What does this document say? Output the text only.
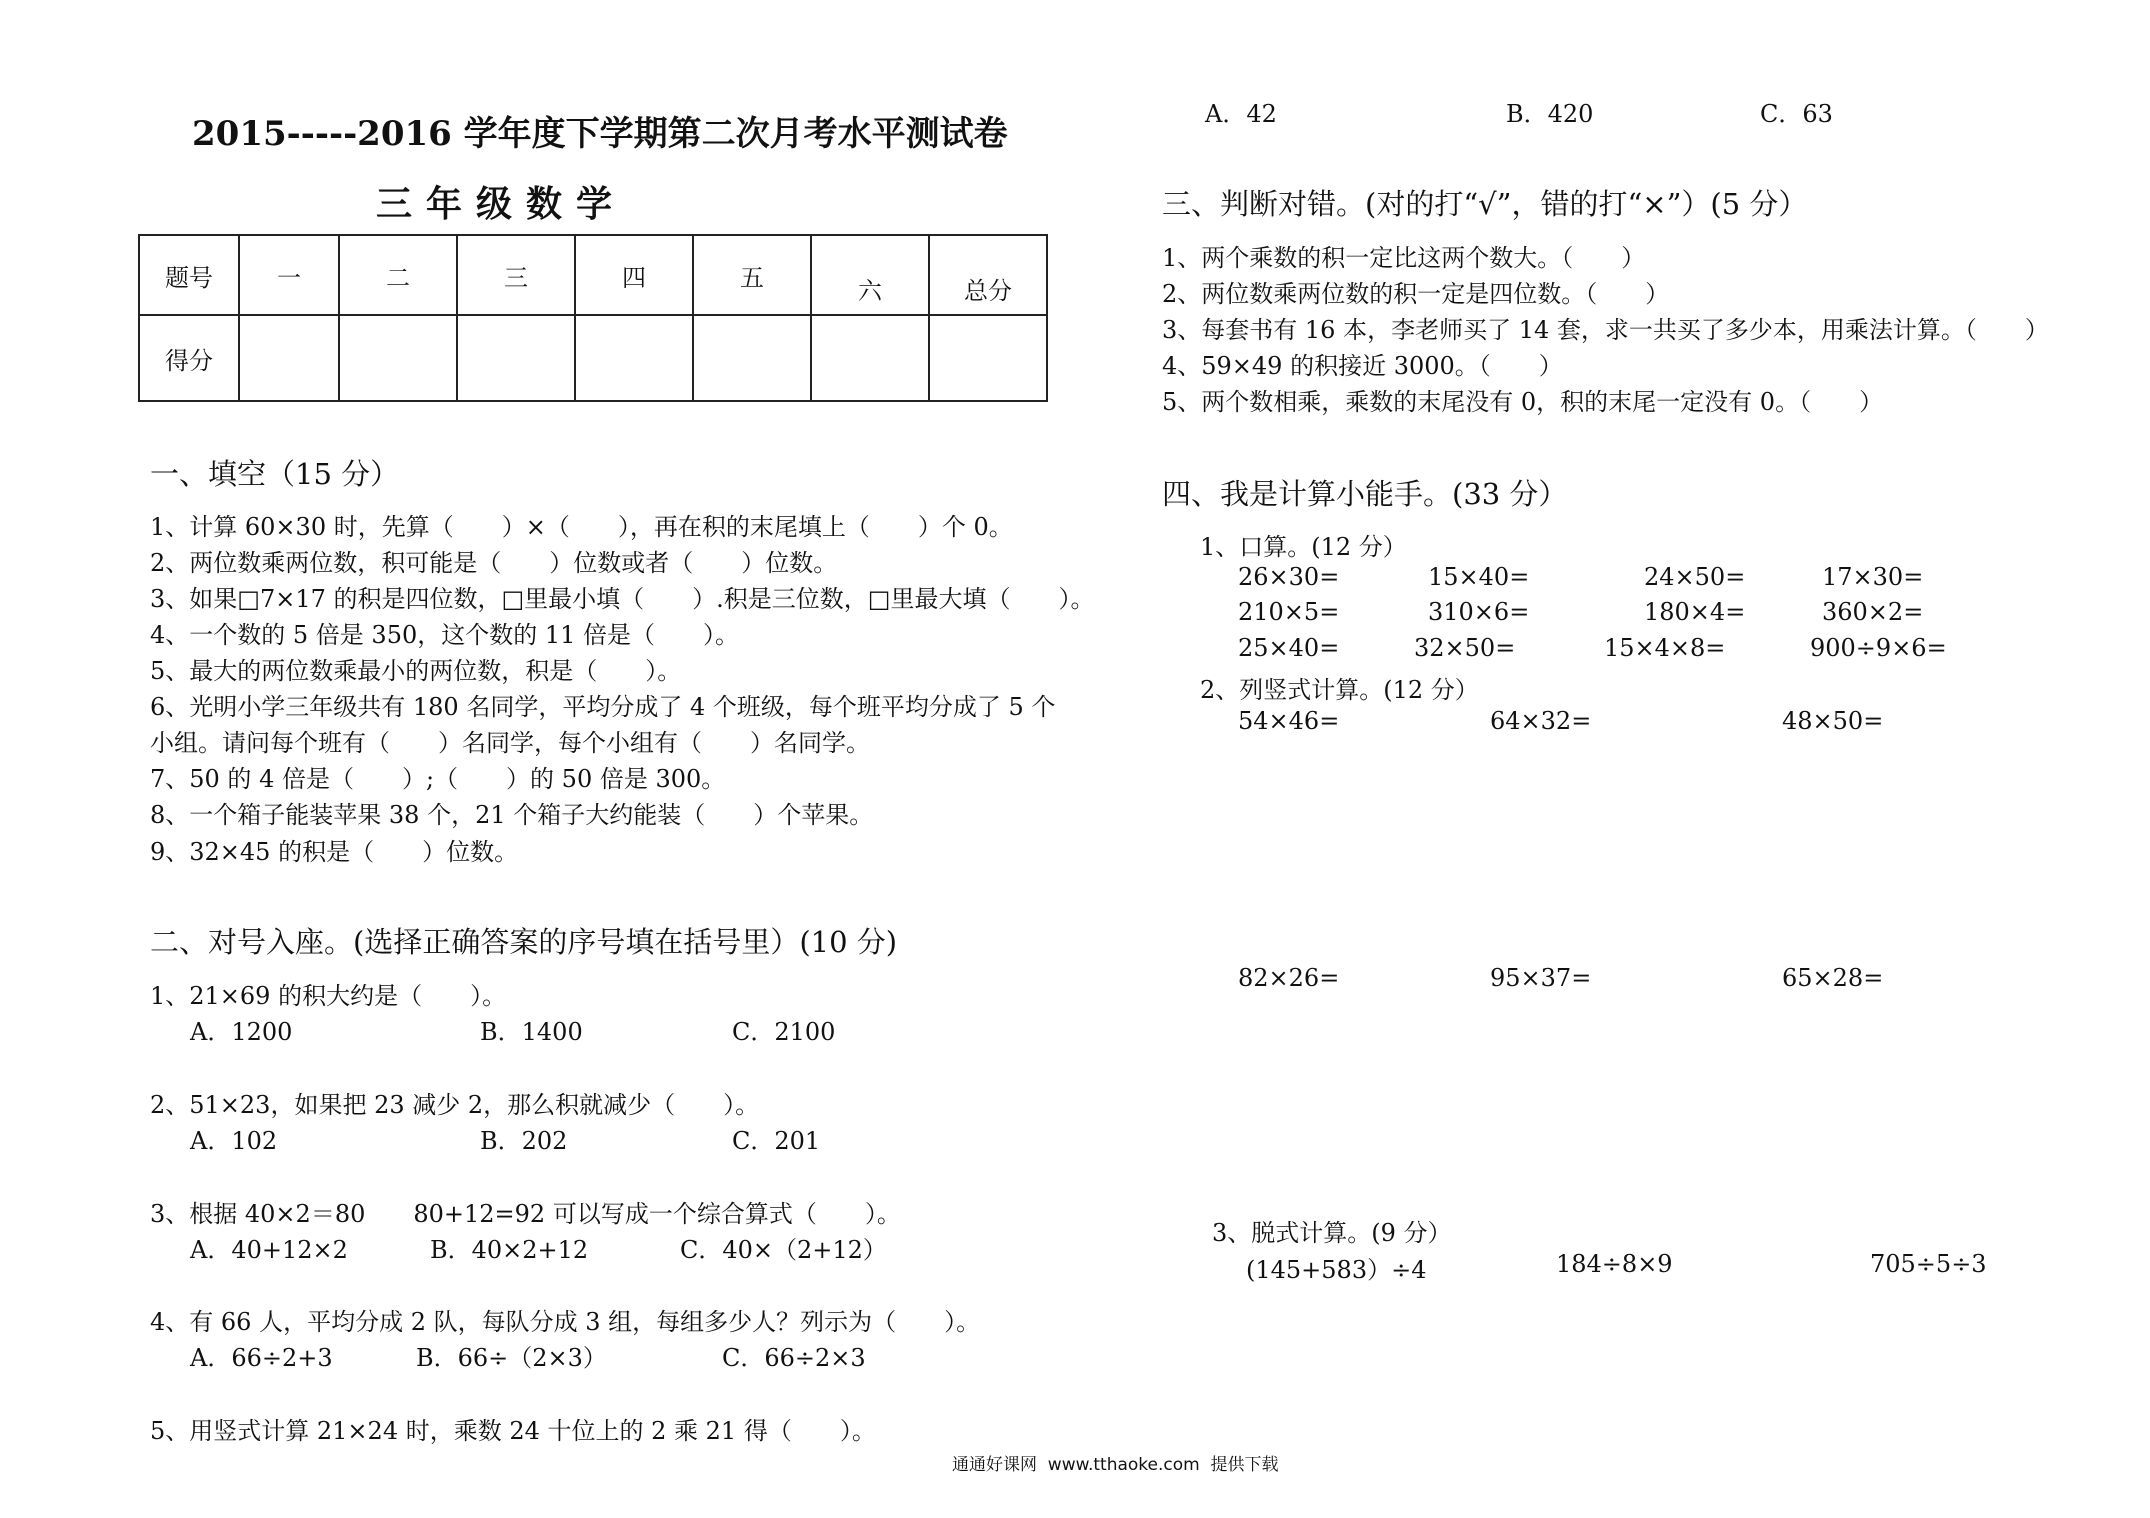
2015-----2016 学年度下学期第二次月考水平测试卷
三年级数学
题号	一	二	三	四	五	六	总分
得分							
一、填空（15 分）
1、计算 60×30 时，先算（　　）×（　　），再在积的末尾填上（　　）个 0。
2、两位数乘两位数，积可能是（　　）位数或者（　　）位数。
3、如果□7×17 的积是四位数，□里最小填（　　）.积是三位数，□里最大填（　　）。
4、一个数的 5 倍是 350，这个数的 11 倍是（　　）。
5、最大的两位数乘最小的两位数，积是（　　）。
6、光明小学三年级共有 180 名同学，平均分成了 4 个班级，每个班平均分成了 5 个
小组。请问每个班有（　　）名同学，每个小组有（　　）名同学。
7、50 的 4 倍是（　　）;（　　）的 50 倍是 300。
8、一个箱子能装苹果 38 个，21 个箱子大约能装（　　）个苹果。
9、32×45 的积是（　　）位数。
二、对号入座。(选择正确答案的序号填在括号里）(10 分)
1、21×69 的积大约是（　　）。
A．1200	B．1400	C．2100
2、51×23，如果把 23 减少 2，那么积就减少（　　）。
A．102	B．202	C．201
3、根据 40×2＝80　　80+12=92 可以写成一个综合算式（　　）。
A．40+12×2	B．40×2+12	C．40×（2+12）
4、有 66 人，平均分成 2 队，每队分成 3 组，每组多少人？列示为（　　）。
A．66÷2+3	B．66÷（2×3）	C．66÷2×3
5、用竖式计算 21×24 时，乘数 24 十位上的 2 乘 21 得（　　）。
A．42	B．420	C．63
三、判断对错。(对的打“√”，错的打“×”）(5 分）
1、两个乘数的积一定比这两个数大。（　　）
2、两位数乘两位数的积一定是四位数。（　　）
3、每套书有 16 本，李老师买了 14 套，求一共买了多少本，用乘法计算。（　　）
4、59×49 的积接近 3000。（　　）
5、两个数相乘，乘数的末尾没有 0，积的末尾一定没有 0。（　　）
四、我是计算小能手。(33 分）
1、口算。(12 分）
26×30=	15×40=	24×50=	17×30=
210×5=	310×6=	180×4=	360×2=
25×40=	32×50=	15×4×8=	900÷9×6=
2、列竖式计算。(12 分）
54×46=	64×32=	48×50=
82×26=	95×37=	65×28=
3、脱式计算。(9 分）
(145+583）÷4	184÷8×9	705÷5÷3
通通好课网  www.tthaoke.com  提供下载
